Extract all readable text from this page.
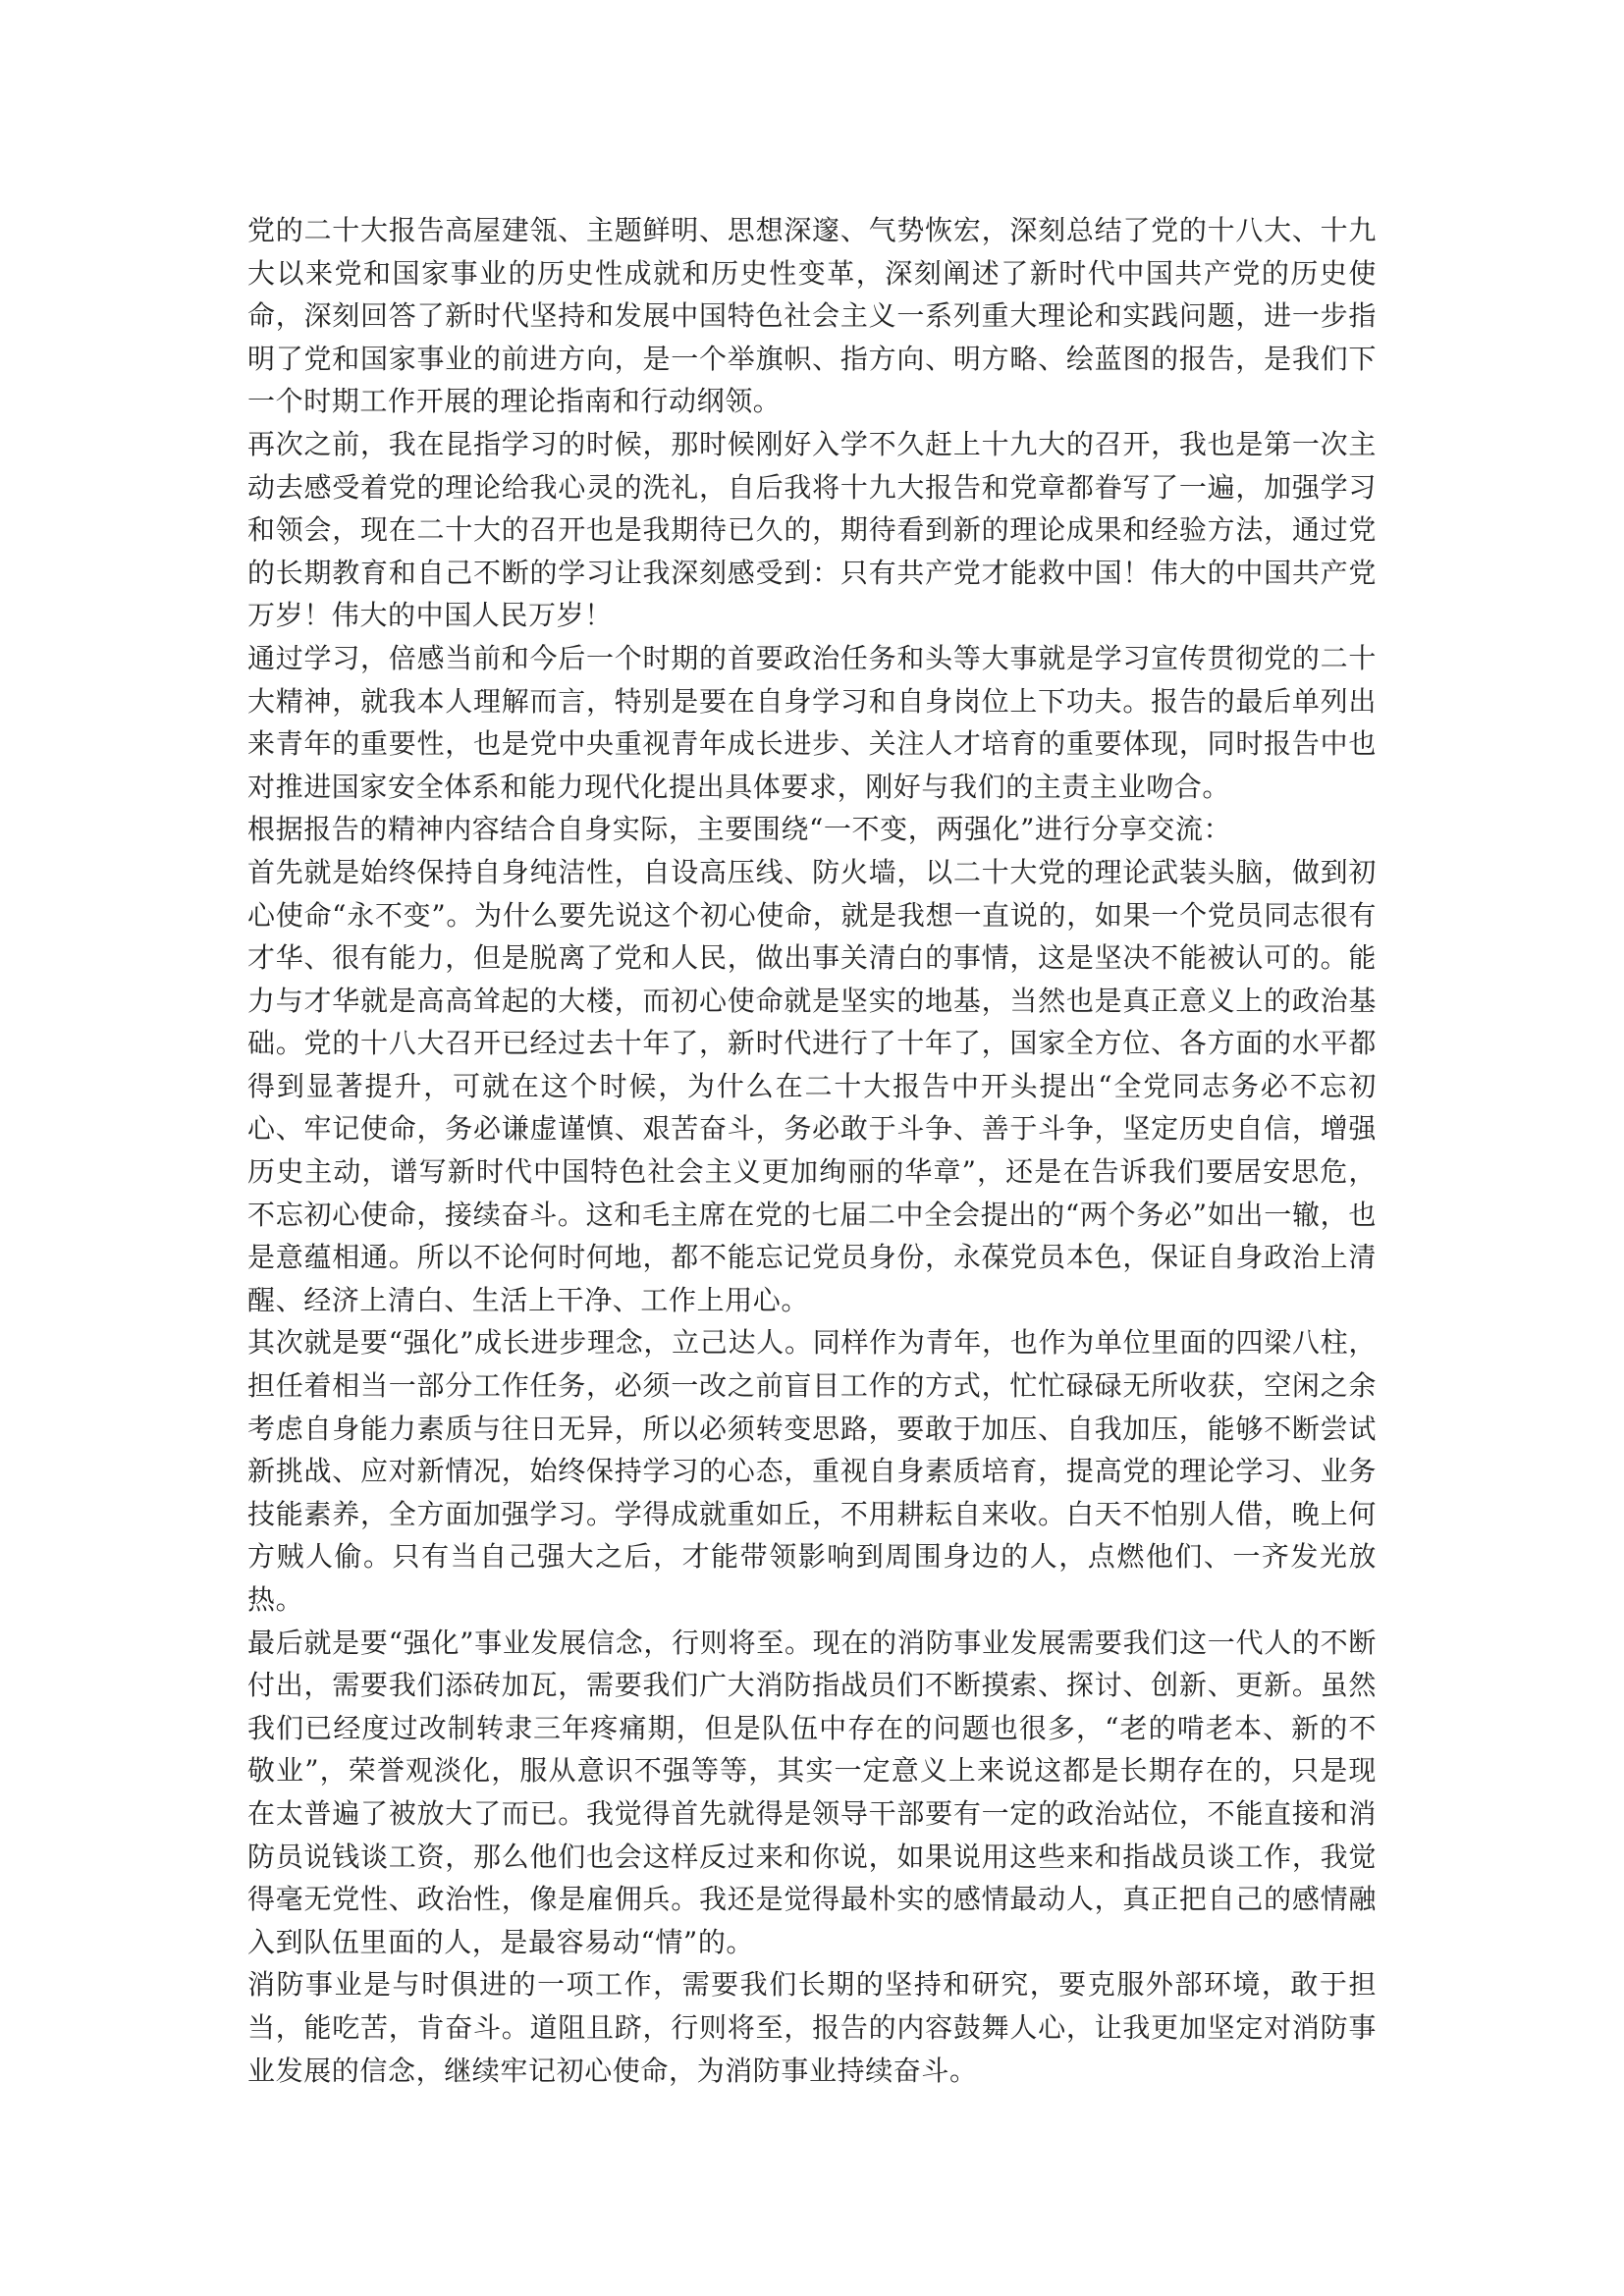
党的二十大报告高屋建瓴、主题鲜明、思想深邃、气势恢宏，深刻总结了党的十八大、十九大以来党和国家事业的历史性成就和历史性变革，深刻阐述了新时代中国共产党的历史使命，深刻回答了新时代坚持和发展中国特色社会主义一系列重大理论和实践问题，进一步指明了党和国家事业的前进方向，是一个举旗帜、指方向、明方略、绘蓝图的报告，是我们下一个时期工作开展的理论指南和行动纲领。

再次之前，我在昆指学习的时候，那时候刚好入学不久赶上十九大的召开，我也是第一次主动去感受着党的理论给我心灵的洗礼，自后我将十九大报告和党章都眷写了一遍，加强学习和领会，现在二十大的召开也是我期待已久的，期待看到新的理论成果和经验方法，通过党的长期教育和自己不断的学习让我深刻感受到：只有共产党才能救中国！伟大的中国共产党万岁！伟大的中国人民万岁！

通过学习，倍感当前和今后一个时期的首要政治任务和头等大事就是学习宣传贯彻党的二十大精神，就我本人理解而言，特别是要在自身学习和自身岗位上下功夫。报告的最后单列出来青年的重要性，也是党中央重视青年成长进步、关注人才培育的重要体现，同时报告中也对推进国家安全体系和能力现代化提出具体要求，刚好与我们的主责主业吻合。

根据报告的精神内容结合自身实际，主要围绕“一不变，两强化”进行分享交流：

首先就是始终保持自身纯洁性，自设高压线、防火墙，以二十大党的理论武装头脑，做到初心使命“永不变”。为什么要先说这个初心使命，就是我想一直说的，如果一个党员同志很有才华、很有能力，但是脱离了党和人民，做出事关清白的事情，这是坚决不能被认可的。能力与才华就是高高耸起的大楼，而初心使命就是坚实的地基，当然也是真正意义上的政治基础。党的十八大召开已经过去十年了，新时代进行了十年了，国家全方位、各方面的水平都得到显著提升，可就在这个时候，为什么在二十大报告中开头提出“全党同志务必不忘初心、牢记使命，务必谦虚谨慎、艰苦奋斗，务必敢于斗争、善于斗争，坚定历史自信，增强历史主动，谱写新时代中国特色社会主义更加绚丽的华章”，还是在告诉我们要居安思危，不忘初心使命，接续奋斗。这和毛主席在党的七届二中全会提出的“两个务必”如出一辙，也是意蕴相通。所以不论何时何地，都不能忘记党员身份，永葆党员本色，保证自身政治上清醒、经济上清白、生活上干净、工作上用心。

其次就是要“强化”成长进步理念，立己达人。同样作为青年，也作为单位里面的四梁八柱，担任着相当一部分工作任务，必须一改之前盲目工作的方式，忙忙碌碌无所收获，空闲之余考虑自身能力素质与往日无异，所以必须转变思路，要敢于加压、自我加压，能够不断尝试新挑战、应对新情况，始终保持学习的心态，重视自身素质培育，提高党的理论学习、业务技能素养，全方面加强学习。学得成就重如丘，不用耕耘自来收。白天不怕别人借，晚上何方贼人偷。只有当自己强大之后，才能带领影响到周围身边的人，点燃他们、一齐发光放热。

最后就是要“强化”事业发展信念，行则将至。现在的消防事业发展需要我们这一代人的不断付出，需要我们添砖加瓦，需要我们广大消防指战员们不断摸索、探讨、创新、更新。虽然我们已经度过改制转隶三年疼痛期，但是队伍中存在的问题也很多，“老的啃老本、新的不敬业”，荣誉观淡化，服从意识不强等等，其实一定意义上来说这都是长期存在的，只是现在太普遍了被放大了而已。我觉得首先就得是领导干部要有一定的政治站位，不能直接和消防员说钱谈工资，那么他们也会这样反过来和你说，如果说用这些来和指战员谈工作，我觉得毫无党性、政治性，像是雇佣兵。我还是觉得最朴实的感情最动人，真正把自己的感情融入到队伍里面的人，是最容易动“情”的。

消防事业是与时俱进的一项工作，需要我们长期的坚持和研究，要克服外部环境，敢于担当，能吃苦，肯奋斗。道阻且跻，行则将至，报告的内容鼓舞人心，让我更加坚定对消防事业发展的信念，继续牢记初心使命，为消防事业持续奋斗。
